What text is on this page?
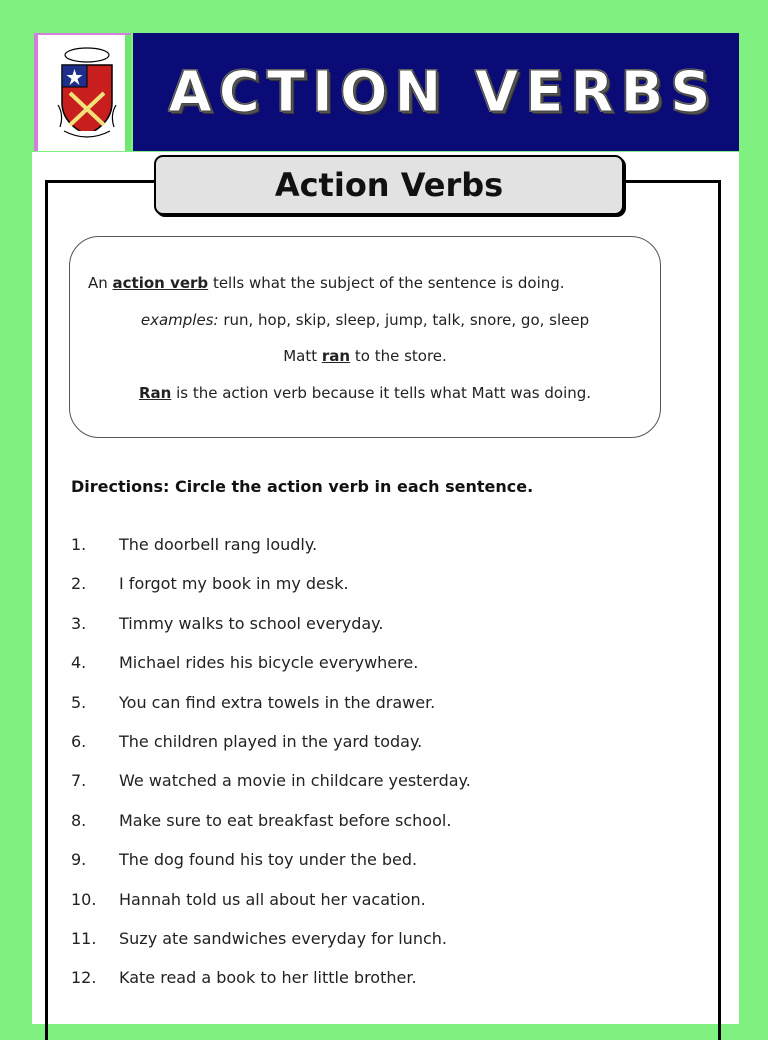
ACTION VERBS
Action Verbs
An action verb tells what the subject of the sentence is doing.
examples: run, hop, skip, sleep, jump, talk, snore, go, sleep
Matt ran to the store.
Ran is the action verb because it tells what Matt was doing.
Directions: Circle the action verb in each sentence.
1.	The doorbell rang loudly.
2.	I forgot my book in my desk.
3.	Timmy walks to school everyday.
4.	Michael rides his bicycle everywhere.
5.	You can find extra towels in the drawer.
6.	The children played in the yard today.
7.	We watched a movie in childcare yesterday.
8.	Make sure to eat breakfast before school.
9.	The dog found his toy under the bed.
10.	Hannah told us all about her vacation.
11.	Suzy ate sandwiches everyday for lunch.
12.	Kate read a book to her little brother.
